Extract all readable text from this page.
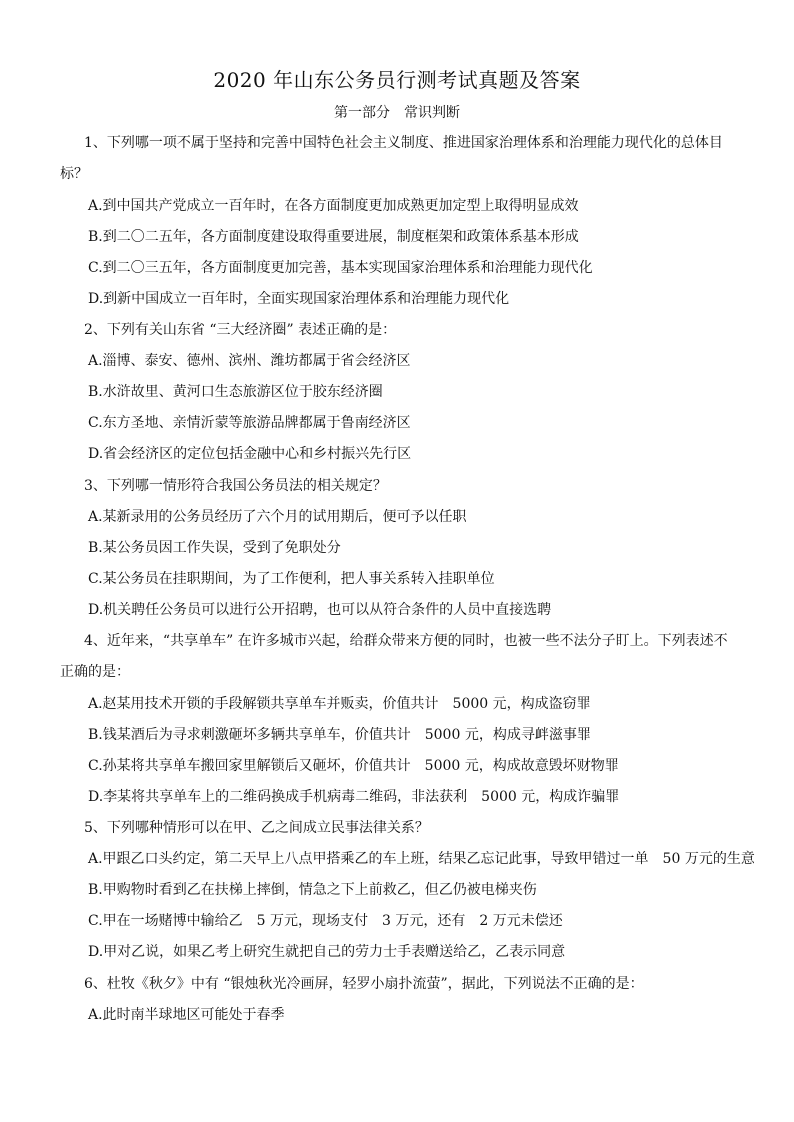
2020 年山东公务员行测考试真题及答案
第一部分　常识判断
1、下列哪一项不属于坚持和完善中国特色社会主义制度、推进国家治理体系和治理能力现代化的总体目
标？
A.到中国共产党成立一百年时，在各方面制度更加成熟更加定型上取得明显成效
B.到二〇二五年，各方面制度建设取得重要进展，制度框架和政策体系基本形成
C.到二〇三五年，各方面制度更加完善，基本实现国家治理体系和治理能力现代化
D.到新中国成立一百年时，全面实现国家治理体系和治理能力现代化
2、下列有关山东省 “三大经济圈” 表述正确的是：
A.淄博、泰安、德州、滨州、潍坊都属于省会经济区
B.水浒故里、黄河口生态旅游区位于胶东经济圈
C.东方圣地、亲情沂蒙等旅游品牌都属于鲁南经济区
D.省会经济区的定位包括金融中心和乡村振兴先行区
3、下列哪一情形符合我国公务员法的相关规定？
A.某新录用的公务员经历了六个月的试用期后，便可予以任职
B.某公务员因工作失误，受到了免职处分
C.某公务员在挂职期间，为了工作便利，把人事关系转入挂职单位
D.机关聘任公务员可以进行公开招聘，也可以从符合条件的人员中直接选聘
4、近年来，“共享单车” 在许多城市兴起，给群众带来方便的同时，也被一些不法分子盯上。下列表述不
正确的是：
A.赵某用技术开锁的手段解锁共享单车并贩卖，价值共计　5000 元，构成盗窃罪
B.钱某酒后为寻求刺激砸坏多辆共享单车，价值共计　5000 元，构成寻衅滋事罪
C.孙某将共享单车搬回家里解锁后又砸坏，价值共计　5000 元，构成故意毁坏财物罪
D.李某将共享单车上的二维码换成手机病毒二维码，非法获利　5000 元，构成诈骗罪
5、下列哪种情形可以在甲、乙之间成立民事法律关系？
A.甲跟乙口头约定，第二天早上八点甲搭乘乙的车上班，结果乙忘记此事，导致甲错过一单　50 万元的生意
B.甲购物时看到乙在扶梯上摔倒，情急之下上前救乙，但乙仍被电梯夹伤
C.甲在一场赌博中输给乙　5 万元，现场支付　3 万元，还有　2 万元未偿还
D.甲对乙说，如果乙考上研究生就把自己的劳力士手表赠送给乙，乙表示同意
6、杜牧《秋夕》中有 “银烛秋光冷画屏，轻罗小扇扑流萤”，据此，下列说法不正确的是：
A.此时南半球地区可能处于春季
